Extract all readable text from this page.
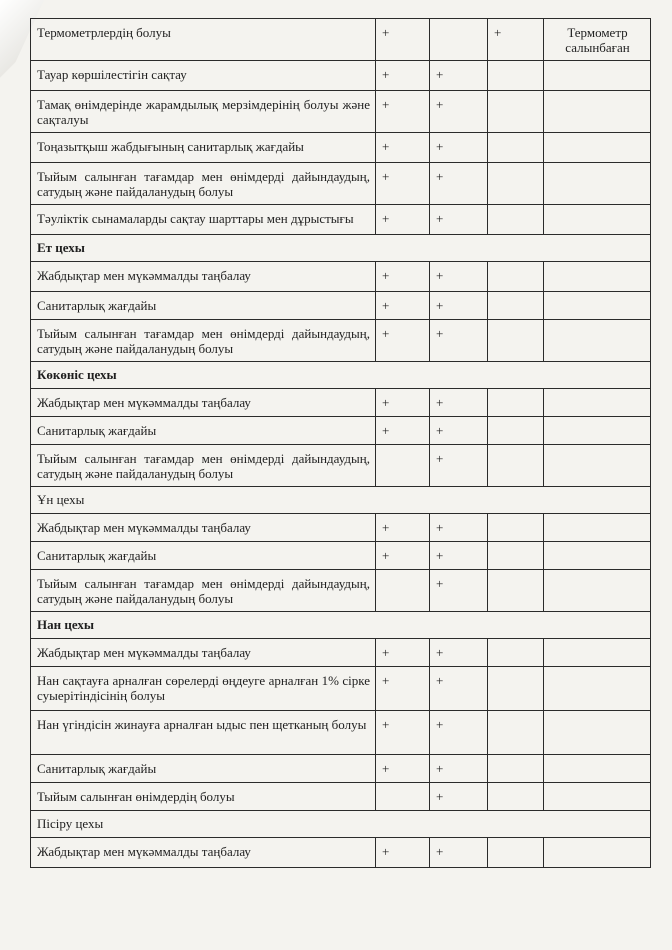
Термометрлердің болуы	+		+	Термометр салынбаған
Тауар көршілестігін сақтау	+	+		
Тамақ өнімдерінде жарамдылық мерзімдерінің болуы және сақталуы	+	+		
Тоңазытқыш жабдығының санитарлық жағдайы	+	+		
Тыйым салынған тағамдар мен өнімдерді дайындаудың, сатудың және пайдаланудың болуы	+	+		
Тәуліктік сынамаларды сақтау шарттары мен дұрыстығы	+	+		
Ет цехы				
Жабдықтар мен мүкәммалды таңбалау	+	+		
Санитарлық жағдайы	+	+		
Тыйым салынған тағамдар мен өнімдерді дайындаудың, сатудың және пайдаланудың болуы	+	+		
Көкөніс цехы				
Жабдықтар мен мүкәммалды таңбалау	+	+		
Санитарлық жағдайы	+	+		
Тыйым салынған тағамдар мен өнімдерді дайындаудың, сатудың және пайдаланудың болуы		+		
Ұн цехы				
Жабдықтар мен мүкәммалды таңбалау	+	+		
Санитарлық жағдайы	+	+		
Тыйым салынған тағамдар мен өнімдерді дайындаудың, сатудың және пайдаланудың болуы		+		
Нан цехы				
Жабдықтар мен мүкәммалды таңбалау	+	+		
Нан сақтауға арналған сөрелерді өңдеуге арналған 1% сірке суыерітіндісінің болуы	+	+		
Нан үгіндісін жинауға арналған ыдыс пен щетканың болуы	+	+		
Санитарлық жағдайы	+	+		
Тыйым салынған өнімдердің болуы		+		
Пісіру цехы				
Жабдықтар мен мүкәммалды таңбалау	+	+		
